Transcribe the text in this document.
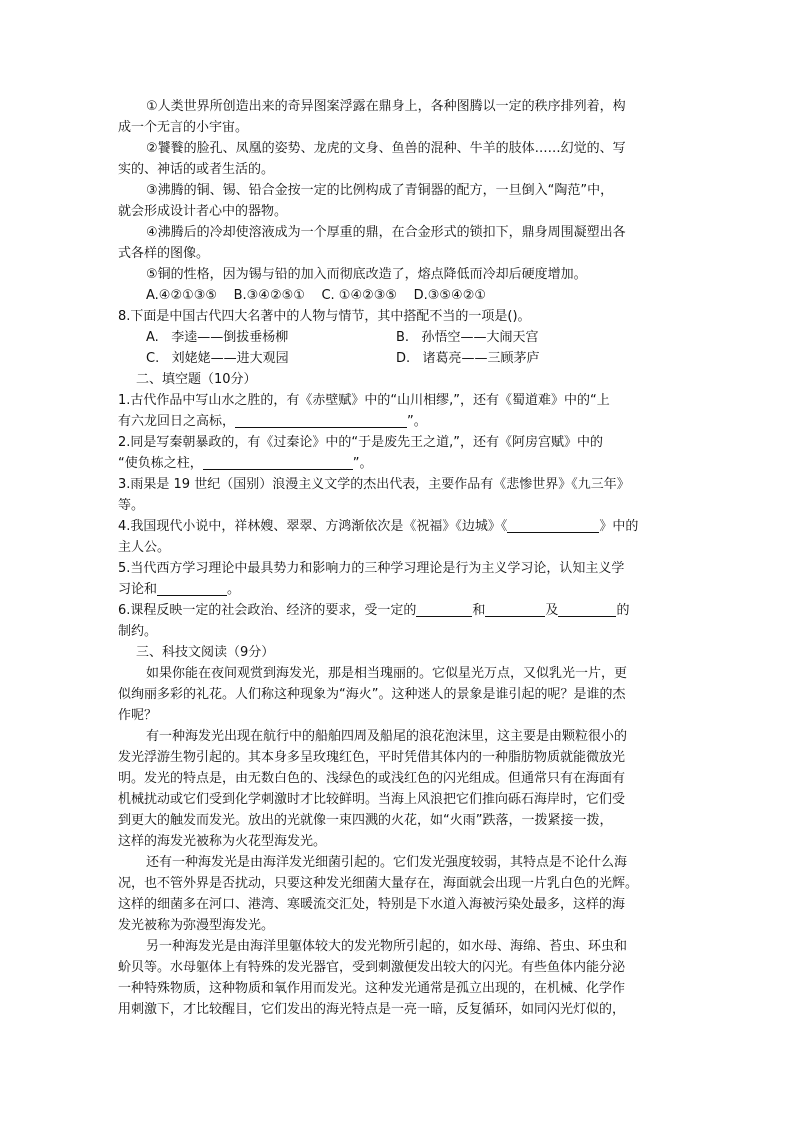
①人类世界所创造出来的奇异图案浮露在鼎身上，各种图腾以一定的秩序排列着，构
成一个无言的小宇宙。
②饕餮的脸孔、凤凰的姿势、龙虎的文身、鱼兽的混种、牛羊的肢体……幻觉的、写
实的、神话的或者生活的。
③沸腾的铜、锡、铅合金按一定的比例构成了青铜器的配方，一旦倒入“陶范”中，
就会形成设计者心中的器物。
④沸腾后的冷却使溶液成为一个厚重的鼎，在合金形式的锁扣下，鼎身周围凝塑出各
式各样的图像。
⑤铜的性格，因为锡与铅的加入而彻底改造了，熔点降低而冷却后硬度增加。
A.④②①③⑤    B.③④②⑤①    C. ①④②③⑤    D.③⑤④②①
8.下面是中国古代四大名著中的人物与情节，其中搭配不当的一项是()。
A.   李逵——倒拔垂杨柳	B.   孙悟空——大闹天宫
C.   刘姥姥——进大观园	D.   诸葛亮——三顾茅庐
二、填空题（10分）
1.古代作品中写山水之胜的，有《赤壁赋》中的“山川相缪,”，还有《蜀道难》中的“上
有六龙回日之高标，	”。
2.同是写秦朝暴政的，有《过秦论》中的“于是废先王之道,”，还有《阿房宫赋》中的
“使负栋之柱，	”。
3.雨果是 19 世纪（国别）浪漫主义文学的杰出代表，主要作品有《悲惨世界》《九三年》
等。
4.我国现代小说中，祥林嫂、翠翠、方鸿渐依次是《祝福》《边城》《	》中的
主人公。
5.当代西方学习理论中最具势力和影响力的三种学习理论是行为主义学习论，认知主义学
习论和	。
6.课程反映一定的社会政治、经济的要求，受一定的	和	及	的
制约。
三、科技文阅读（9分）
如果你能在夜间观赏到海发光，那是相当瑰丽的。它似星光万点，又似乳光一片，更
似绚丽多彩的礼花。人们称这种现象为“海火”。这种迷人的景象是谁引起的呢？是谁的杰
作呢？
有一种海发光出现在航行中的船舶四周及船尾的浪花泡沫里，这主要是由颗粒很小的
发光浮游生物引起的。其本身多呈玫瑰红色，平时凭借其体内的一种脂肪物质就能微放光
明。发光的特点是，由无数白色的、浅绿色的或浅红色的闪光组成。但通常只有在海面有
机械扰动或它们受到化学刺激时才比较鲜明。当海上风浪把它们推向砾石海岸时，它们受
到更大的触发而发光。放出的光就像一束四溅的火花，如“火雨”跌落，一拨紧接一拨，
这样的海发光被称为火花型海发光。
还有一种海发光是由海洋发光细菌引起的。它们发光强度较弱，其特点是不论什么海
况，也不管外界是否扰动，只要这种发光细菌大量存在，海面就会出现一片乳白色的光辉。
这样的细菌多在河口、港湾、寒暖流交汇处，特别是下水道入海被污染处最多，这样的海
发光被称为弥漫型海发光。
另一种海发光是由海洋里躯体较大的发光物所引起的，如水母、海绵、苔虫、环虫和
蚧贝等。水母躯体上有特殊的发光器官，受到刺激便发出较大的闪光。有些鱼体内能分泌
一种特殊物质，这种物质和氧作用而发光。这种发光通常是孤立出现的，在机械、化学作
用刺激下，才比较醒目，它们发出的海光特点是一亮一暗，反复循环，如同闪光灯似的，
